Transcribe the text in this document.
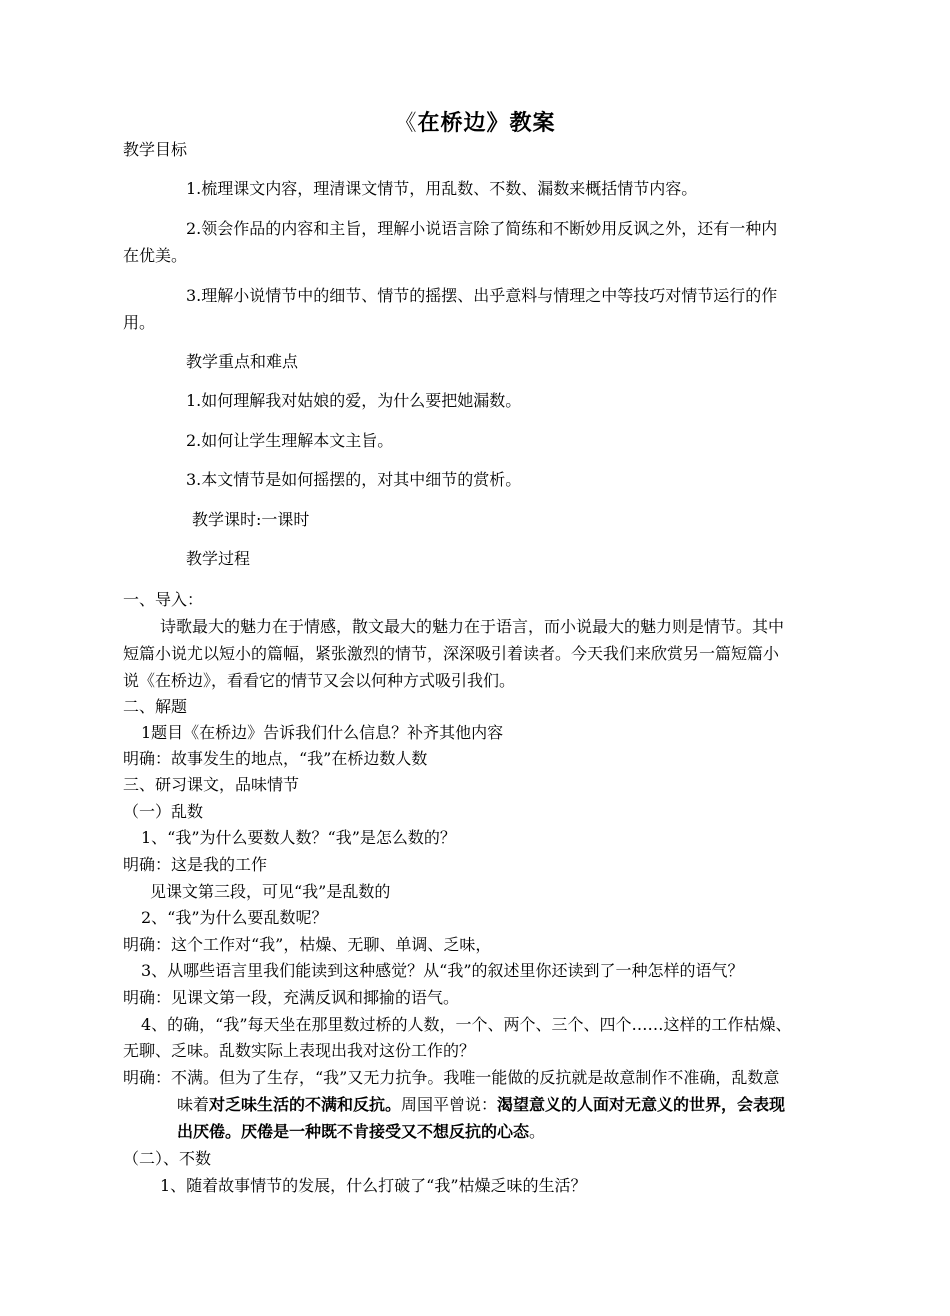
《在桥边》教案
教学目标
1.梳理课文内容，理清课文情节，用乱数、不数、漏数来概括情节内容。
2.领会作品的内容和主旨，理解小说语言除了简练和不断妙用反讽之外，还有一种内
在优美。
3.理解小说情节中的细节、情节的摇摆、出乎意料与情理之中等技巧对情节运行的作
用。
教学重点和难点
1.如何理解我对姑娘的爱，为什么要把她漏数。
2.如何让学生理解本文主旨。
3.本文情节是如何摇摆的，对其中细节的赏析。
教学课时:一课时
教学过程
一、导入：
诗歌最大的魅力在于情感，散文最大的魅力在于语言，而小说最大的魅力则是情节。其中
短篇小说尤以短小的篇幅，紧张激烈的情节，深深吸引着读者。今天我们来欣赏另一篇短篇小
说《在桥边》，看看它的情节又会以何种方式吸引我们。
二、解题
1题目《在桥边》告诉我们什么信息？补齐其他内容
明确：故事发生的地点，“我”在桥边数人数
三、研习课文，品味情节
（一）乱数
1、“我”为什么要数人数？“我”是怎么数的？
明确：这是我的工作
见课文第三段，可见“我”是乱数的
2、“我”为什么要乱数呢？
明确：这个工作对“我”，枯燥、无聊、单调、乏味，
3、从哪些语言里我们能读到这种感觉？从“我”的叙述里你还读到了一种怎样的语气？
明确：见课文第一段，充满反讽和揶揄的语气。
4、的确，“我”每天坐在那里数过桥的人数，一个、两个、三个、四个……这样的工作枯燥、
无聊、乏味。乱数实际上表现出我对这份工作的？
明确：不满。但为了生存，“我”又无力抗争。我唯一能做的反抗就是故意制作不准确，乱数意
味着对乏味生活的不满和反抗。周国平曾说：渴望意义的人面对无意义的世界，会表现
出厌倦。厌倦是一种既不肯接受又不想反抗的心态。
（二）、不数
1、随着故事情节的发展，什么打破了“我”枯燥乏味的生活？
